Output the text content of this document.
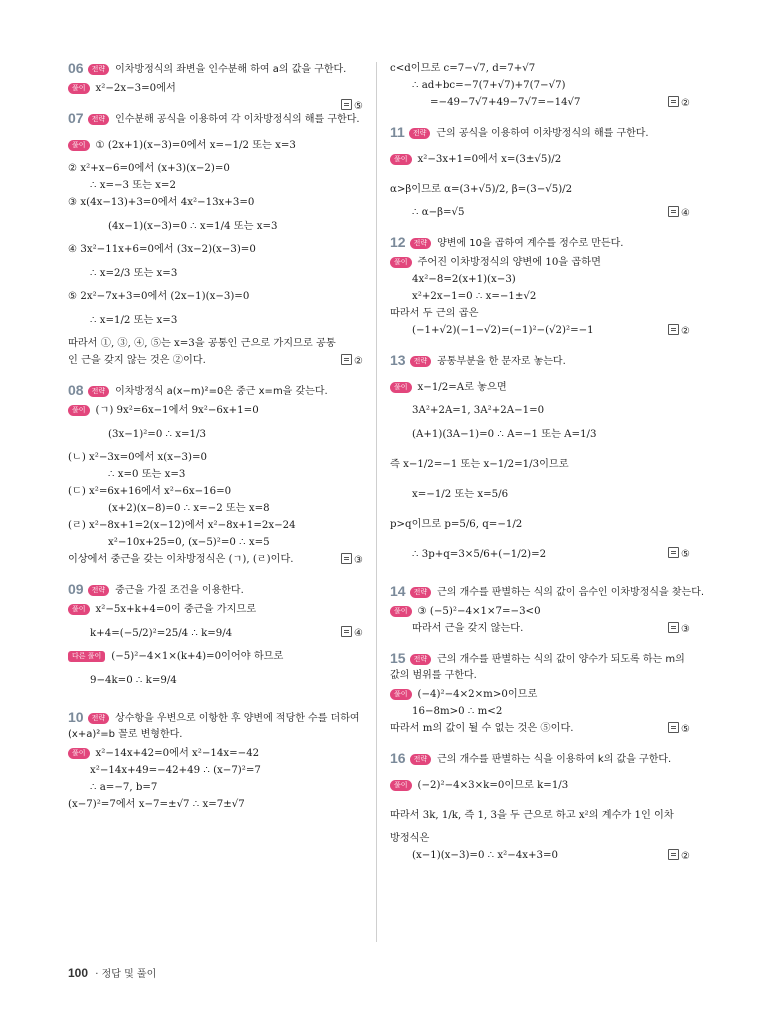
06 전략 이차방정식의 좌변을 인수분해 하여 a의 값을 구한다.
풀이 x²−2x−3=0에서
⑤
07 전략 인수분해 공식을 이용하여 각 이차방정식의 해를 구한다.
풀이 ① (2x+1)(x−3)=0에서 x=−1/2 또는 x=3
② x²+x−6=0에서 (x+3)(x−2)=0
∴ x=−3 또는 x=2
③ x(4x−13)+3=0에서 4x²−13x+3=0
(4x−1)(x−3)=0 ∴ x=1/4 또는 x=3
④ 3x²−11x+6=0에서 (3x−2)(x−3)=0
∴ x=2/3 또는 x=3
⑤ 2x²−7x+3=0에서 (2x−1)(x−3)=0
∴ x=1/2 또는 x=3
따라서 ①, ③, ④, ⑤는 x=3을 공통인 근으로 가지므로 공통
인 근을 갖지 않는 것은 ②이다.	②
08 전략 이차방정식 a(x−m)²=0은 중근 x=m을 갖는다.
풀이 (ㄱ) 9x²=6x−1에서 9x²−6x+1=0
(3x−1)²=0 ∴ x=1/3
(ㄴ) x²−3x=0에서 x(x−3)=0
∴ x=0 또는 x=3
(ㄷ) x²=6x+16에서 x²−6x−16=0
(x+2)(x−8)=0 ∴ x=−2 또는 x=8
(ㄹ) x²−8x+1=2(x−12)에서 x²−8x+1=2x−24
x²−10x+25=0, (x−5)²=0 ∴ x=5
이상에서 중근을 갖는 이차방정식은 (ㄱ), (ㄹ)이다.	③
09 전략 중근을 가질 조건을 이용한다.
풀이 x²−5x+k+4=0이 중근을 가지므로
k+4=(−5/2)²=25/4 ∴ k=9/4	④
다른 풀이 (−5)²−4×1×(k+4)=0이어야 하므로
9−4k=0 ∴ k=9/4
10 전략 상수항을 우변으로 이항한 후 양변에 적당한 수를 더하여 (x+a)²=b 꼴로 변형한다.
풀이 x²−14x+42=0에서 x²−14x=−42
x²−14x+49=−42+49 ∴ (x−7)²=7
∴ a=−7, b=7
(x−7)²=7에서 x−7=±√7 ∴ x=7±√7
c<d이므로 c=7−√7, d=7+√7
∴ ad+bc=−7(7+√7)+7(7−√7)
=−49−7√7+49−7√7=−14√7	②
11 전략 근의 공식을 이용하여 이차방정식의 해를 구한다.
풀이 x²−3x+1=0에서 x=(3±√5)/2
α>β이므로 α=(3+√5)/2, β=(3−√5)/2
∴ α−β=√5	④
12 전략 양변에 10을 곱하여 계수를 정수로 만든다.
풀이 주어진 이차방정식의 양변에 10을 곱하면
4x²−8=2(x+1)(x−3)
x²+2x−1=0 ∴ x=−1±√2
따라서 두 근의 곱은
(−1+√2)(−1−√2)=(−1)²−(√2)²=−1	②
13 전략 공통부분을 한 문자로 놓는다.
풀이 x−1/2=A로 놓으면
3A²+2A=1, 3A²+2A−1=0
(A+1)(3A−1)=0 ∴ A=−1 또는 A=1/3
즉 x−1/2=−1 또는 x−1/2=1/3이므로
x=−1/2 또는 x=5/6
p>q이므로 p=5/6, q=−1/2
∴ 3p+q=3×5/6+(−1/2)=2	⑤
14 전략 근의 개수를 판별하는 식의 값이 음수인 이차방정식을 찾는다.
풀이 ③ (−5)²−4×1×7=−3<0
따라서 근을 갖지 않는다.	③
15 전략 근의 개수를 판별하는 식의 값이 양수가 되도록 하는 m의 값의 범위를 구한다.
풀이 (−4)²−4×2×m>0이므로
16−8m>0 ∴ m<2
따라서 m의 값이 될 수 없는 것은 ⑤이다.	⑤
16 전략 근의 개수를 판별하는 식을 이용하여 k의 값을 구한다.
풀이 (−2)²−4×3×k=0이므로 k=1/3
따라서 3k, 1/k, 즉 1, 3을 두 근으로 하고 x²의 계수가 1인 이차
방정식은
(x−1)(x−3)=0 ∴ x²−4x+3=0	②
100 · 정답 및 풀이
